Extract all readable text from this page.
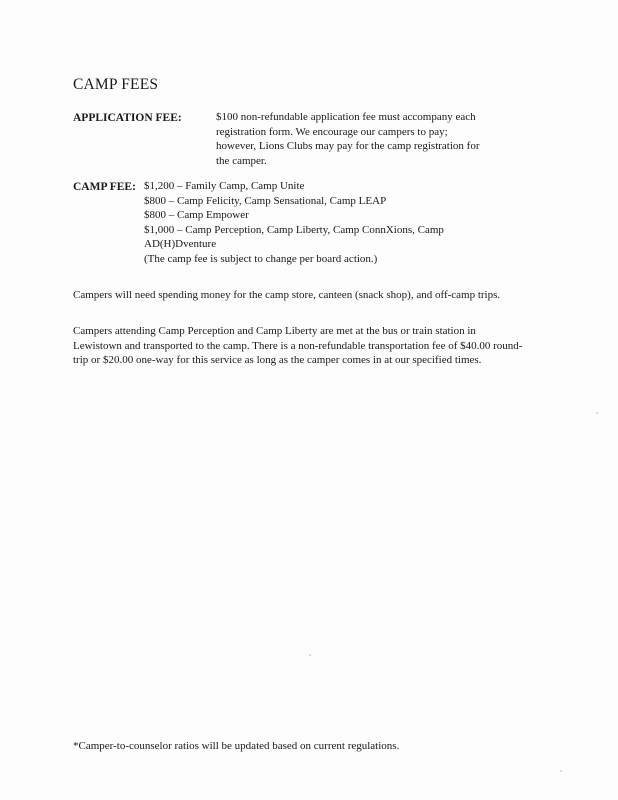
CAMP FEES
APPLICATION FEE:	$100 non-refundable application fee must accompany each
registration form. We encourage our campers to pay;
however, Lions Clubs may pay for the camp registration for
the camper.
CAMP FEE: $1,200 – Family Camp, Camp Unite
$800 – Camp Felicity, Camp Sensational, Camp LEAP
$800 – Camp Empower
$1,000 – Camp Perception, Camp Liberty, Camp ConnXions, Camp
AD(H)Dventure
(The camp fee is subject to change per board action.)
Campers will need spending money for the camp store, canteen (snack shop), and off-camp trips.
Campers attending Camp Perception and Camp Liberty are met at the bus or train station in Lewistown and transported to the camp. There is a non-refundable transportation fee of $40.00 round-trip or $20.00 one-way for this service as long as the camper comes in at our specified times.
*Camper-to-counselor ratios will be updated based on current regulations.
